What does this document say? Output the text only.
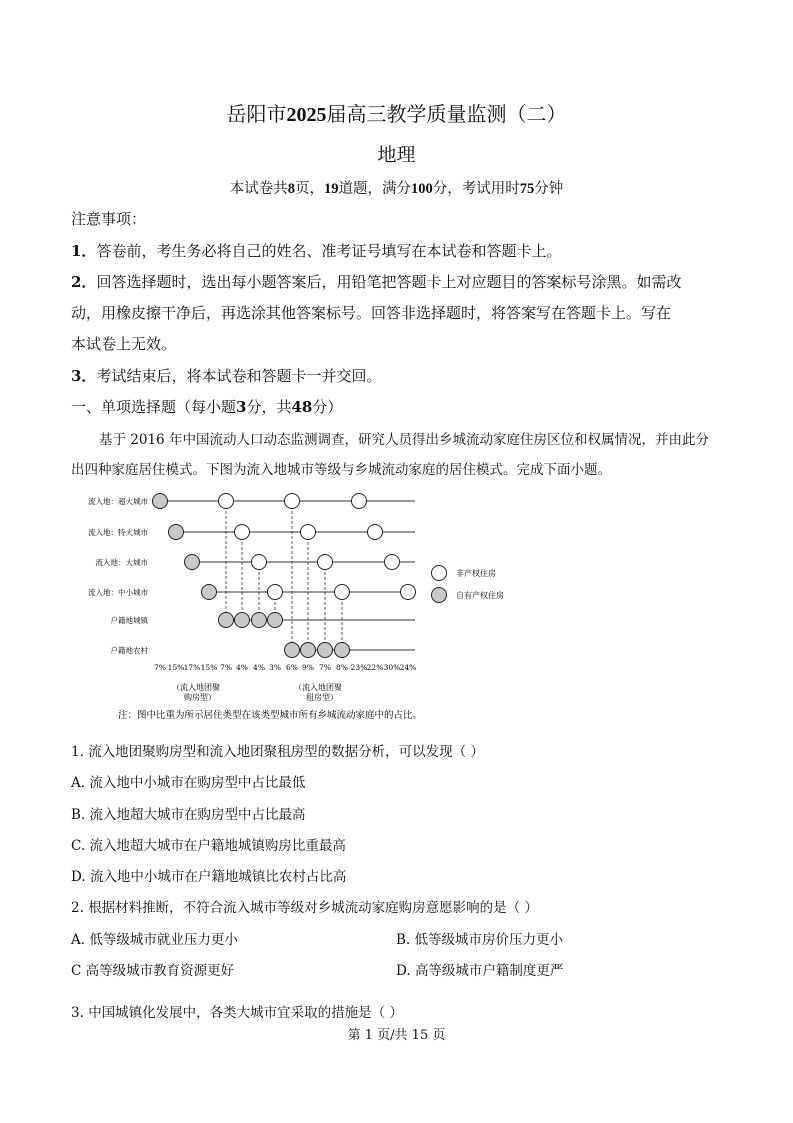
岳阳市2025届高三教学质量监测（二）
地理
本试卷共8页，19道题，满分100分，考试用时75分钟
注意事项：
1．答卷前，考生务必将自己的姓名、准考证号填写在本试卷和答题卡上。
2．回答选择题时，选出每小题答案后，用铅笔把答题卡上对应题目的答案标号涂黑。如需改
动，用橡皮擦干净后，再选涂其他答案标号。回答非选择题时，将答案写在答题卡上。写在
本试卷上无效。
3．考试结束后，将本试卷和答题卡一并交回。
一、单项选择题（每小题3分，共48分）
基于 2016 年中国流动人口动态监测调查，研究人员得出乡城流动家庭住房区位和权属情况，并由此分
出四种家庭居住模式。下图为流入地城市等级与乡城流动家庭的居住模式。完成下面小题。
流入地：超大城市
流入地：特大城市
流入地：大城市
流入地：中小城市
户籍地城镇
户籍地农村
7% 15% 17% 15% 7% 4% 4% 3% 6% 9% 7% 8% 23% 22% 30% 24%
（流入地团聚
购房型）
（流入地团聚
租房型）
注：图中比重为所示居住类型在该类型城市所有乡城流动家庭中的占比。
非产权住房
自有产权住房
1. 流入地团聚购房型和流入地团聚租房型的数据分析，可以发现（ ）
A. 流入地中小城市在购房型中占比最低
B. 流入地超大城市在购房型中占比最高
C. 流入地超大城市在户籍地城镇购房比重最高
D. 流入地中小城市在户籍地城镇比农村占比高
2. 根据材料推断，不符合流入城市等级对乡城流动家庭购房意愿影响的是（ ）
A. 低等级城市就业压力更小	B. 低等级城市房价压力更小
C 高等级城市教育资源更好	D. 高等级城市户籍制度更严
3. 中国城镇化发展中，各类大城市宜采取的措施是（ ）
第 1 页/共 15 页
